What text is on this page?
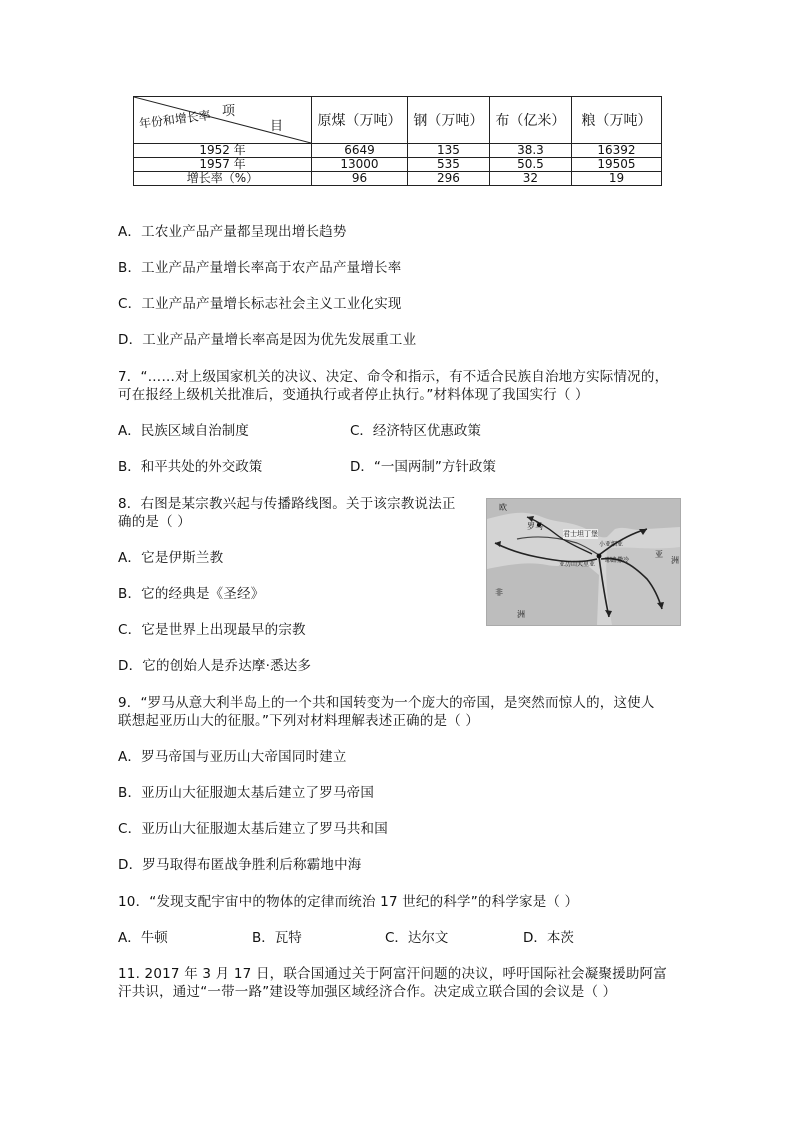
项
目
年份和增长率	原煤（万吨）	钢（万吨）	布（亿米）	粮（万吨）
1952 年	6649	135	38.3	16392
1957 年	13000	535	50.5	19505
增长率（%）	96	296	32	19
A．工农业产品产量都呈现出增长趋势
B．工业产品产量增长率高于农产品产量增长率
C．工业产品产量增长标志社会主义工业化实现
D．工业产品产量增长率高是因为优先发展重工业
7．“……对上级国家机关的决议、决定、命令和指示，有不适合民族自治地方实际情况的，
可在报经上级机关批准后，变通执行或者停止执行。”材料体现了我国实行（ ）
A．民族区域自治制度	C．经济特区优惠政策
B．和平共处的外交政策	D．“一国两制”方针政策
8．右图是某宗教兴起与传播路线图。关于该宗教说法正
确的是（ ）
A．它是伊斯兰教
B．它的经典是《圣经》
C．它是世界上出现最早的宗教
D．它的创始人是乔达摩·悉达多
欧
罗马
君士坦丁堡
小亚细亚
耶路撒冷
亚历山大里亚
亚
洲
非
洲
9．“罗马从意大利半岛上的一个共和国转变为一个庞大的帝国，是突然而惊人的，这使人
联想起亚历山大的征服。”下列对材料理解表述正确的是（ ）
A．罗马帝国与亚历山大帝国同时建立
B．亚历山大征服迦太基后建立了罗马帝国
C．亚历山大征服迦太基后建立了罗马共和国
D．罗马取得布匿战争胜利后称霸地中海
10．“发现支配宇宙中的物体的定律而统治 17 世纪的科学”的科学家是（ ）
A．牛顿	B．瓦特	C．达尔文	D．本茨
11. 2017 年 3 月 17 日，联合国通过关于阿富汗问题的决议，呼吁国际社会凝聚援助阿富
汗共识，通过“一带一路”建设等加强区域经济合作。决定成立联合国的会议是（ ）
